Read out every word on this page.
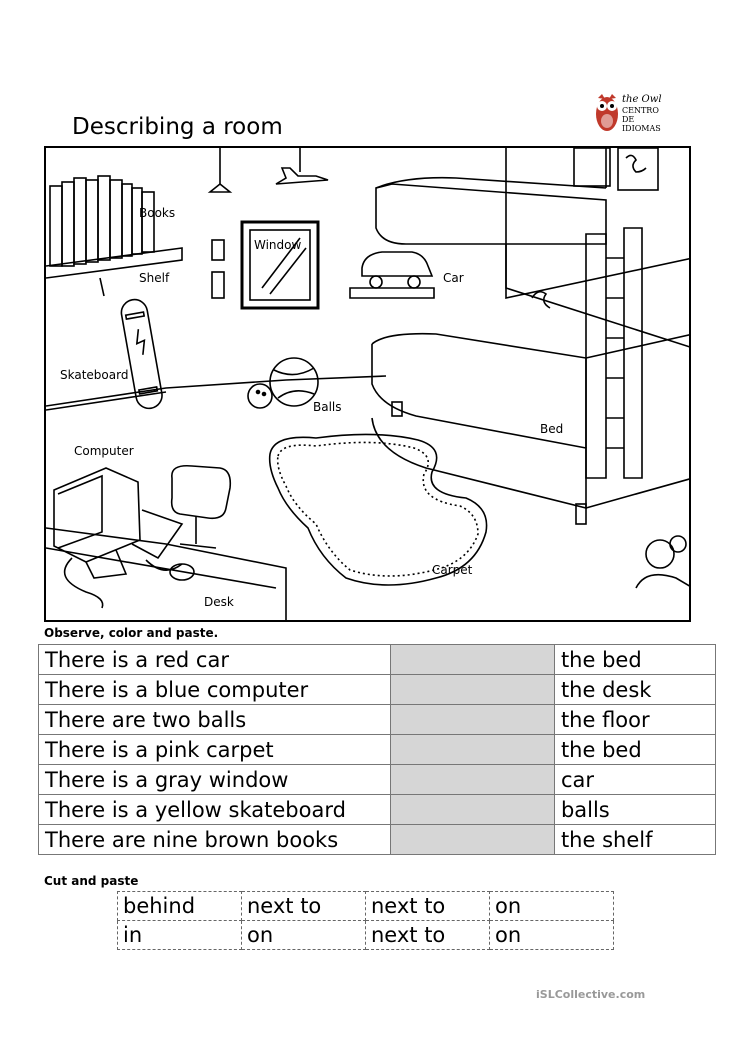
the Owl
CENTRO
DE
IDIOMAS
Describing a room
Books
Shelf
Window
Car
Skateboard
Balls
Bed
Computer
Carpet
Desk
Observe, color and paste.
There is a red car		the bed
There is a blue computer		the desk
There are two balls		the floor
There is a pink carpet		the bed
There is a gray window		car
There is a yellow skateboard		balls
There are nine brown books		the shelf
Cut and paste
behind	next to	next to	on
in	on	next to	on
iSLCollective.com
